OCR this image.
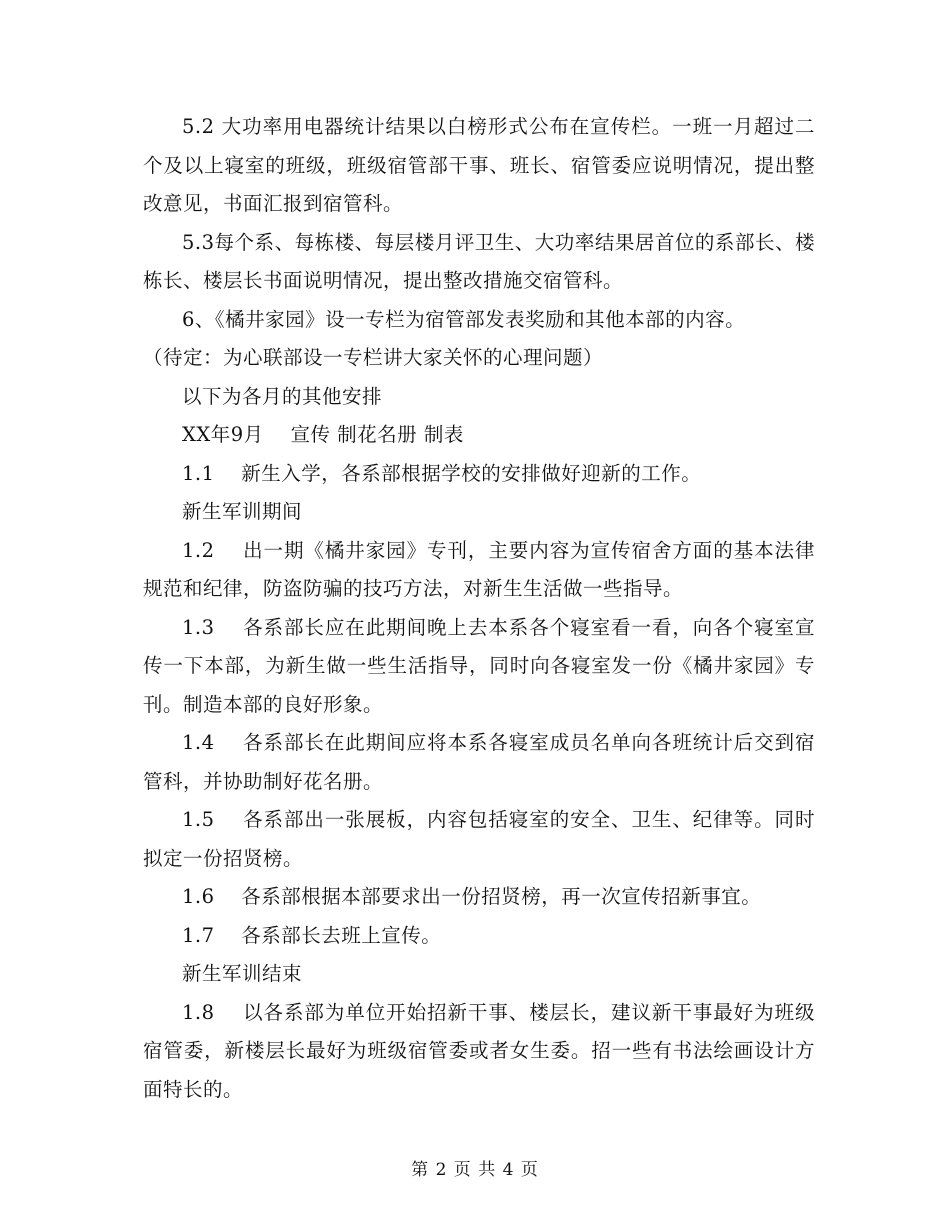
5.2 大功率用电器统计结果以白榜形式公布在宣传栏。一班一月超过二个及以上寝室的班级，班级宿管部干事、班长、宿管委应说明情况，提出整改意见，书面汇报到宿管科。

5.3每个系、每栋楼、每层楼月评卫生、大功率结果居首位的系部长、楼栋长、楼层长书面说明情况，提出整改措施交宿管科。

6、《橘井家园》设一专栏为宿管部发表奖励和其他本部的内容。

（待定：为心联部设一专栏讲大家关怀的心理问题）

以下为各月的其他安排

XX年9月    宣传 制花名册 制表

1.1    新生入学，各系部根据学校的安排做好迎新的工作。

新生军训期间

1.2    出一期《橘井家园》专刊，主要内容为宣传宿舍方面的基本法律规范和纪律，防盗防骗的技巧方法，对新生生活做一些指导。

1.3    各系部长应在此期间晚上去本系各个寝室看一看，向各个寝室宣传一下本部，为新生做一些生活指导，同时向各寝室发一份《橘井家园》专刊。制造本部的良好形象。

1.4    各系部长在此期间应将本系各寝室成员名单向各班统计后交到宿管科，并协助制好花名册。

1.5    各系部出一张展板，内容包括寝室的安全、卫生、纪律等。同时拟定一份招贤榜。

1.6    各系部根据本部要求出一份招贤榜，再一次宣传招新事宜。

1.7    各系部长去班上宣传。

新生军训结束

1.8    以各系部为单位开始招新干事、楼层长，建议新干事最好为班级宿管委，新楼层长最好为班级宿管委或者女生委。招一些有书法绘画设计方面特长的。

第 2 页 共 4 页
